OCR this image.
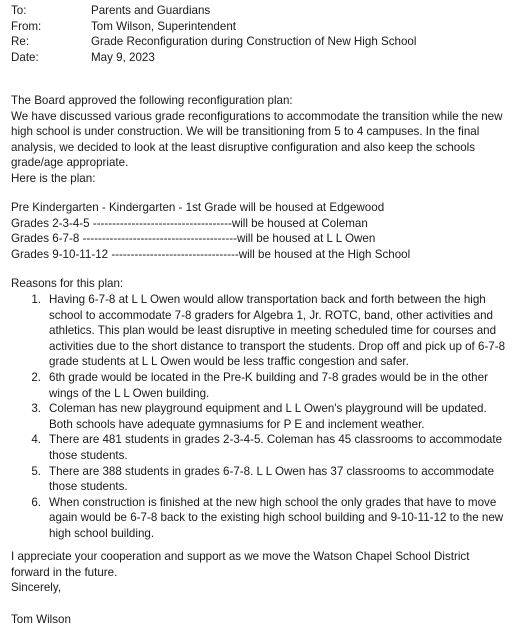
To:	Parents and Guardians
From:	Tom Wilson, Superintendent
Re:	Grade Reconfiguration during Construction of New High School
Date:	May 9, 2023

The Board approved the following reconfiguration plan:

We have discussed various grade reconfigurations to accommodate the transition while the new high school is under construction. We will be transitioning from 5 to 4 campuses. In the final analysis, we decided to look at the least disruptive configuration and also keep the schools grade/age appropriate.

Here is the plan:

Pre Kindergarten - Kindergarten - 1st Grade will be housed at Edgewood

Grades 2-3-4-5 ------------------------------------will be housed at Coleman

Grades 6-7-8 ----------------------------------------will be housed at L L Owen

Grades 9-10-11-12 ---------------------------------will be housed at the High School

Reasons for this plan:
1. Having 6-7-8 at L L Owen would allow transportation back and forth between the high school to accommodate 7-8 graders for Algebra 1, Jr. ROTC, band, other activities and athletics. This plan would be least disruptive in meeting scheduled time for courses and activities due to the short distance to transport the students. Drop off and pick up of 6-7-8 grade students at L L Owen would be less traffic congestion and safer.
2. 6th grade would be located in the Pre-K building and 7-8 grades would be in the other wings of the L L Owen building.
3. Coleman has new playground equipment and L L Owen's playground will be updated. Both schools have adequate gymnasiums for P E and inclement weather.
4. There are 481 students in grades 2-3-4-5. Coleman has 45 classrooms to accommodate those students.
5. There are 388 students in grades 6-7-8. L L Owen has 37 classrooms to accommodate those students.
6. When construction is finished at the new high school the only grades that have to move again would be 6-7-8 back to the existing high school building and 9-10-11-12 to the new high school building.

I appreciate your cooperation and support as we move the Watson Chapel School District forward in the future.

Sincerely,

Tom Wilson
